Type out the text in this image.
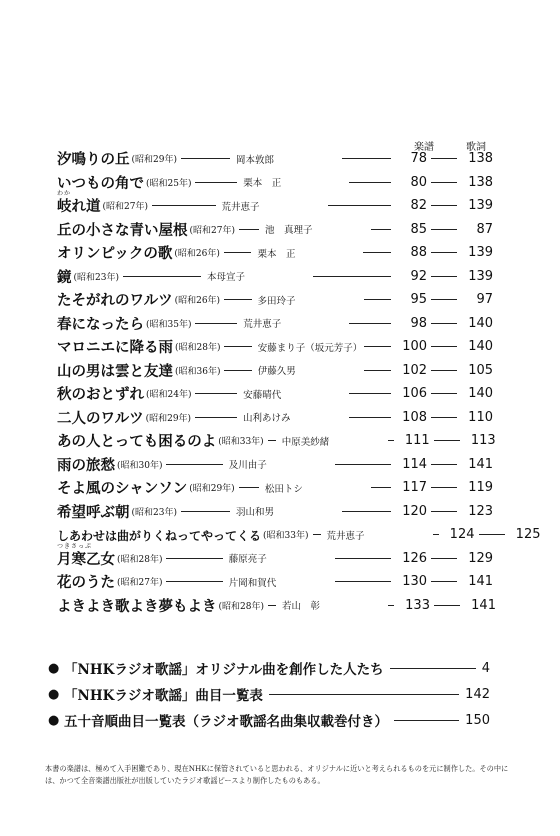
楽譜	歌詞
汐鳴りの丘 (昭和29年)	岡本敦郎	78	138
いつもの角で (昭和25年)	栗本　正	80	138
わか
岐れ道 (昭和27年)	荒井恵子	82	139
丘の小さな青い屋根 (昭和27年)	池　真理子	85	87
オリンピックの歌 (昭和26年)	栗本　正	88	139
鏡 (昭和23年)	本母宣子	92	139
たそがれのワルツ (昭和26年)	多田玲子	95	97
春になったら (昭和35年)	荒井恵子	98	140
マロニエに降る雨 (昭和28年)	安藤まり子（坂元芳子）	100	140
山の男は雲と友達 (昭和36年)	伊藤久男	102	105
秋のおとずれ (昭和24年)	安藤晴代	106	140
二人のワルツ (昭和29年)	山利あけみ	108	110
あの人とっても困るのよ (昭和33年) 中原美紗緒	111	113
雨の旅愁 (昭和30年)	及川由子	114	141
そよ風のシャンソン (昭和29年)	松田トシ	117	119
希望呼ぶ朝 (昭和23年)	羽山和男	120	123
しあわせは曲がりくねってやってくる (昭和33年) 荒井恵子	124	125
つきさっぷ
月寒乙女 (昭和28年)	藤原亮子	126	129
花のうた (昭和27年)	片岡和賀代	130	141
よきよき歌よき夢もよき (昭和28年) 若山　彰	133	141
● 「NHKラジオ歌謡」オリジナル曲を創作した人たち	4
● 「NHKラジオ歌謡」曲目一覧表	142
● 五十音順曲目一覧表（ラジオ歌謡名曲集収載巻付き）	150
本書の楽譜は、極めて入手困難であり、現在NHKに保管されていると思われる、オリジナルに近いと考えられるものを元に制作した。その中には、かつて全音楽譜出版社が出版していたラジオ歌謡ピースより制作したものもある。
